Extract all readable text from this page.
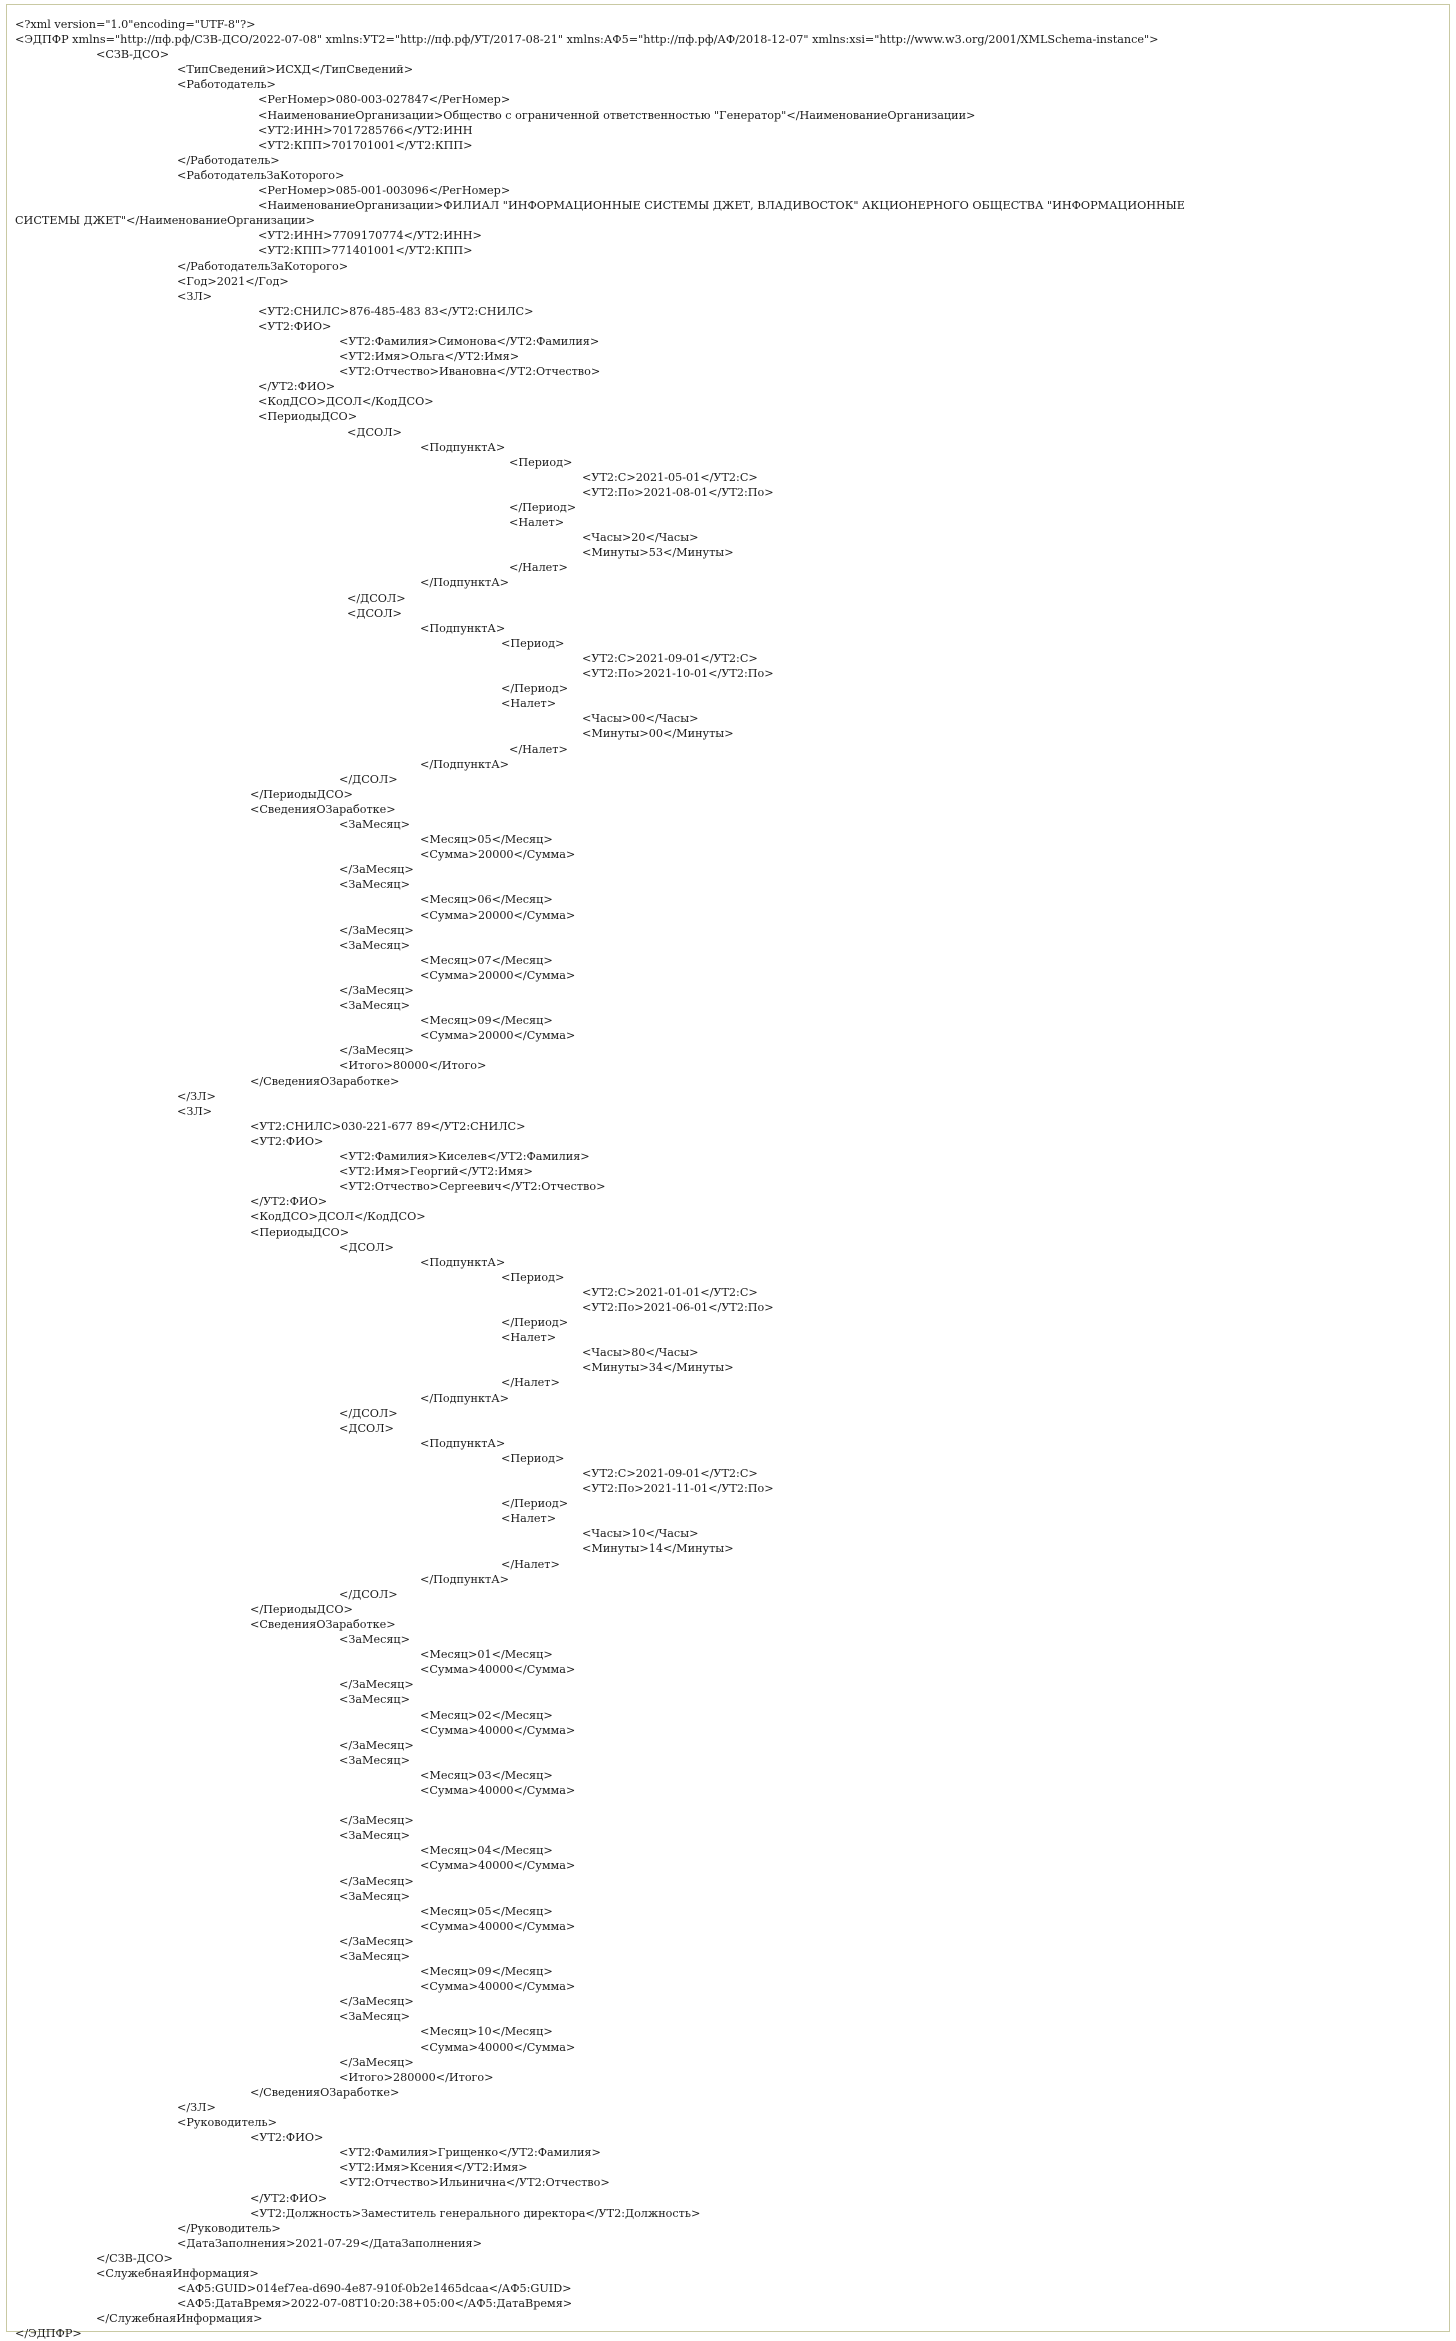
<?xml version="1.0"encoding="UTF-8"?>
<ЭДПФР xmlns="http://пф.рф/СЗВ-ДСО/2022-07-08" xmlns:УТ2="http://пф.рф/УТ/2017-08-21" xmlns:АФ5="http://пф.рф/АФ/2018-12-07" xmlns:xsi="http://www.w3.org/2001/XMLSchema-instance">
<СЗВ-ДСО>
<ТипСведений>ИСХД</ТипСведений>
<Работодатель>
<РегНомер>080-003-027847</РегНомер>
<НаименованиеОрганизации>Общество с ограниченной ответственностью "Генератор"</НаименованиеОрганизации>
<УТ2:ИНН>7017285766</УТ2:ИНН
<УТ2:КПП>701701001</УТ2:КПП>
</Работодатель>
<РаботодательЗаКоторого>
<РегНомер>085-001-003096</РегНомер>
<НаименованиеОрганизации>ФИЛИАЛ "ИНФОРМАЦИОННЫЕ СИСТЕМЫ ДЖЕТ, ВЛАДИВОСТОК" АКЦИОНЕРНОГО ОБЩЕСТВА "ИНФОРМАЦИОННЫЕ
СИСТЕМЫ ДЖЕТ"</НаименованиеОрганизации>
<УТ2:ИНН>7709170774</УТ2:ИНН>
<УТ2:КПП>771401001</УТ2:КПП>
</РаботодательЗаКоторого>
<Год>2021</Год>
<ЗЛ>
<УТ2:СНИЛС>876-485-483 83</УТ2:СНИЛС>
<УТ2:ФИО>
<УТ2:Фамилия>Симонова</УТ2:Фамилия>
<УТ2:Имя>Ольга</УТ2:Имя>
<УТ2:Отчество>Ивановна</УТ2:Отчество>
</УТ2:ФИО>
<КодДСО>ДСОЛ</КодДСО>
<ПериодыДСО>
<ДСОЛ>
<ПодпунктА>
<Период>
<УТ2:С>2021-05-01</УТ2:С>
<УТ2:По>2021-08-01</УТ2:По>
</Период>
<Налет>
<Часы>20</Часы>
<Минуты>53</Минуты>
</Налет>
</ПодпунктА>
</ДСОЛ>
<ДСОЛ>
<ПодпунктА>
<Период>
<УТ2:С>2021-09-01</УТ2:С>
<УТ2:По>2021-10-01</УТ2:По>
</Период>
<Налет>
<Часы>00</Часы>
<Минуты>00</Минуты>
</Налет>
</ПодпунктА>
</ДСОЛ>
</ПериодыДСО>
<СведенияОЗаработке>
<ЗаМесяц>
<Месяц>05</Месяц>
<Сумма>20000</Сумма>
</ЗаМесяц>
<ЗаМесяц>
<Месяц>06</Месяц>
<Сумма>20000</Сумма>
</ЗаМесяц>
<ЗаМесяц>
<Месяц>07</Месяц>
<Сумма>20000</Сумма>
</ЗаМесяц>
<ЗаМесяц>
<Месяц>09</Месяц>
<Сумма>20000</Сумма>
</ЗаМесяц>
<Итого>80000</Итого>
</СведенияОЗаработке>
</ЗЛ>
<ЗЛ>
<УТ2:СНИЛС>030-221-677 89</УТ2:СНИЛС>
<УТ2:ФИО>
<УТ2:Фамилия>Киселев</УТ2:Фамилия>
<УТ2:Имя>Георгий</УТ2:Имя>
<УТ2:Отчество>Сергеевич</УТ2:Отчество>
</УТ2:ФИО>
<КодДСО>ДСОЛ</КодДСО>
<ПериодыДСО>
<ДСОЛ>
<ПодпунктА>
<Период>
<УТ2:С>2021-01-01</УТ2:С>
<УТ2:По>2021-06-01</УТ2:По>
</Период>
<Налет>
<Часы>80</Часы>
<Минуты>34</Минуты>
</Налет>
</ПодпунктА>
</ДСОЛ>
<ДСОЛ>
<ПодпунктА>
<Период>
<УТ2:С>2021-09-01</УТ2:С>
<УТ2:По>2021-11-01</УТ2:По>
</Период>
<Налет>
<Часы>10</Часы>
<Минуты>14</Минуты>
</Налет>
</ПодпунктА>
</ДСОЛ>
</ПериодыДСО>
<СведенияОЗаработке>
<ЗаМесяц>
<Месяц>01</Месяц>
<Сумма>40000</Сумма>
</ЗаМесяц>
<ЗаМесяц>
<Месяц>02</Месяц>
<Сумма>40000</Сумма>
</ЗаМесяц>
<ЗаМесяц>
<Месяц>03</Месяц>
<Сумма>40000</Сумма>
</ЗаМесяц>
<ЗаМесяц>
<Месяц>04</Месяц>
<Сумма>40000</Сумма>
</ЗаМесяц>
<ЗаМесяц>
<Месяц>05</Месяц>
<Сумма>40000</Сумма>
</ЗаМесяц>
<ЗаМесяц>
<Месяц>09</Месяц>
<Сумма>40000</Сумма>
</ЗаМесяц>
<ЗаМесяц>
<Месяц>10</Месяц>
<Сумма>40000</Сумма>
</ЗаМесяц>
<Итого>280000</Итого>
</СведенияОЗаработке>
</ЗЛ>
<Руководитель>
<УТ2:ФИО>
<УТ2:Фамилия>Грищенко</УТ2:Фамилия>
<УТ2:Имя>Ксения</УТ2:Имя>
<УТ2:Отчество>Ильинична</УТ2:Отчество>
</УТ2:ФИО>
<УТ2:Должность>Заместитель генерального директора</УТ2:Должность>
</Руководитель>
<ДатаЗаполнения>2021-07-29</ДатаЗаполнения>
</СЗВ-ДСО>
<СлужебнаяИнформация>
<АФ5:GUID>014ef7ea-d690-4e87-910f-0b2e1465dcaa</АФ5:GUID>
<АФ5:ДатаВремя>2022-07-08T10:20:38+05:00</АФ5:ДатаВремя>
</СлужебнаяИнформация>
</ЭДПФР>
